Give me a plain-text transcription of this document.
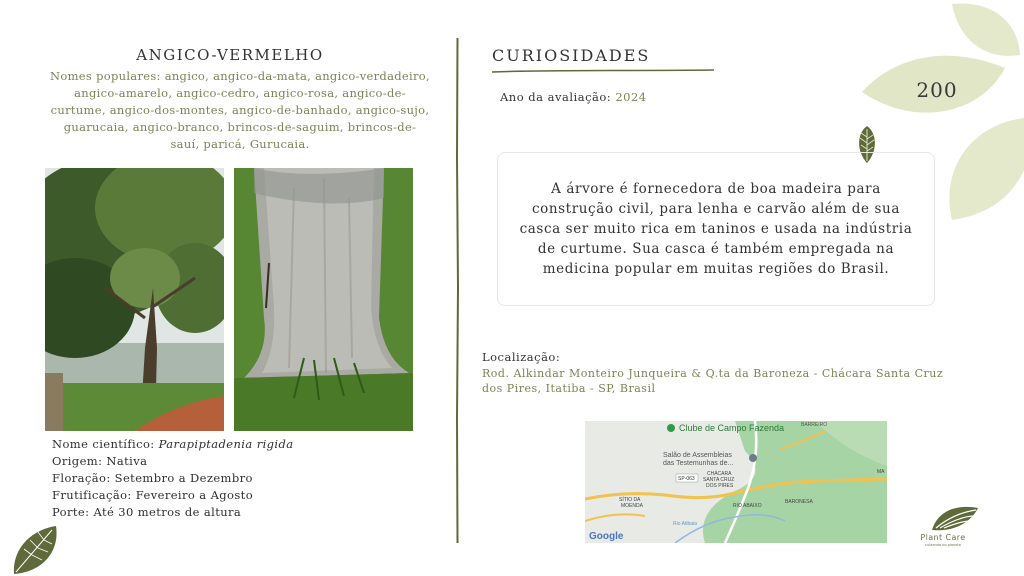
200
ANGICO-VERMELHO
Nomes populares: angico, angico-da-mata, angico-verdadeiro, angico-amarelo, angico-cedro, angico-rosa, angico-de-curtume, angico-dos-montes, angico-de-banhado, angico-sujo, guarucaia, angico-branco, brincos-de-saguim, brincos-de-sauí, paricá, Gurucaia.
Nome científico: Parapiptadenia rigida
Origem: Nativa
Floração: Setembro a Dezembro
Frutificação: Fevereiro a Agosto
Porte: Até 30 metros de altura
CURIOSIDADES
Ano da avaliação: 2024

A árvore é fornecedora de boa madeira para construção civil, para lenha e carvão além de sua casca ser muito rica em taninos e usada na indústria de curtume. Sua casca é também empregada na medicina popular em muitas regiões do Brasil.

Localização:
Rod. Alkindar Monteiro Junqueira & Q.ta da Baroneza - Chácara Santa Cruz dos Pires, Itatiba - SP, Brasil
Clube de Campo Fazenda	BARREIRO
Salão de Assembleias
das Testemunhas de...
SP-063
CHÁCARA
SANTA CRUZ
DOS PIRES
SÍTIO DA
MOENDA	RIO ABAIXO
BARONESA
Rio Atibaia
MA
Google	Plant Care
cuidando do planeta
